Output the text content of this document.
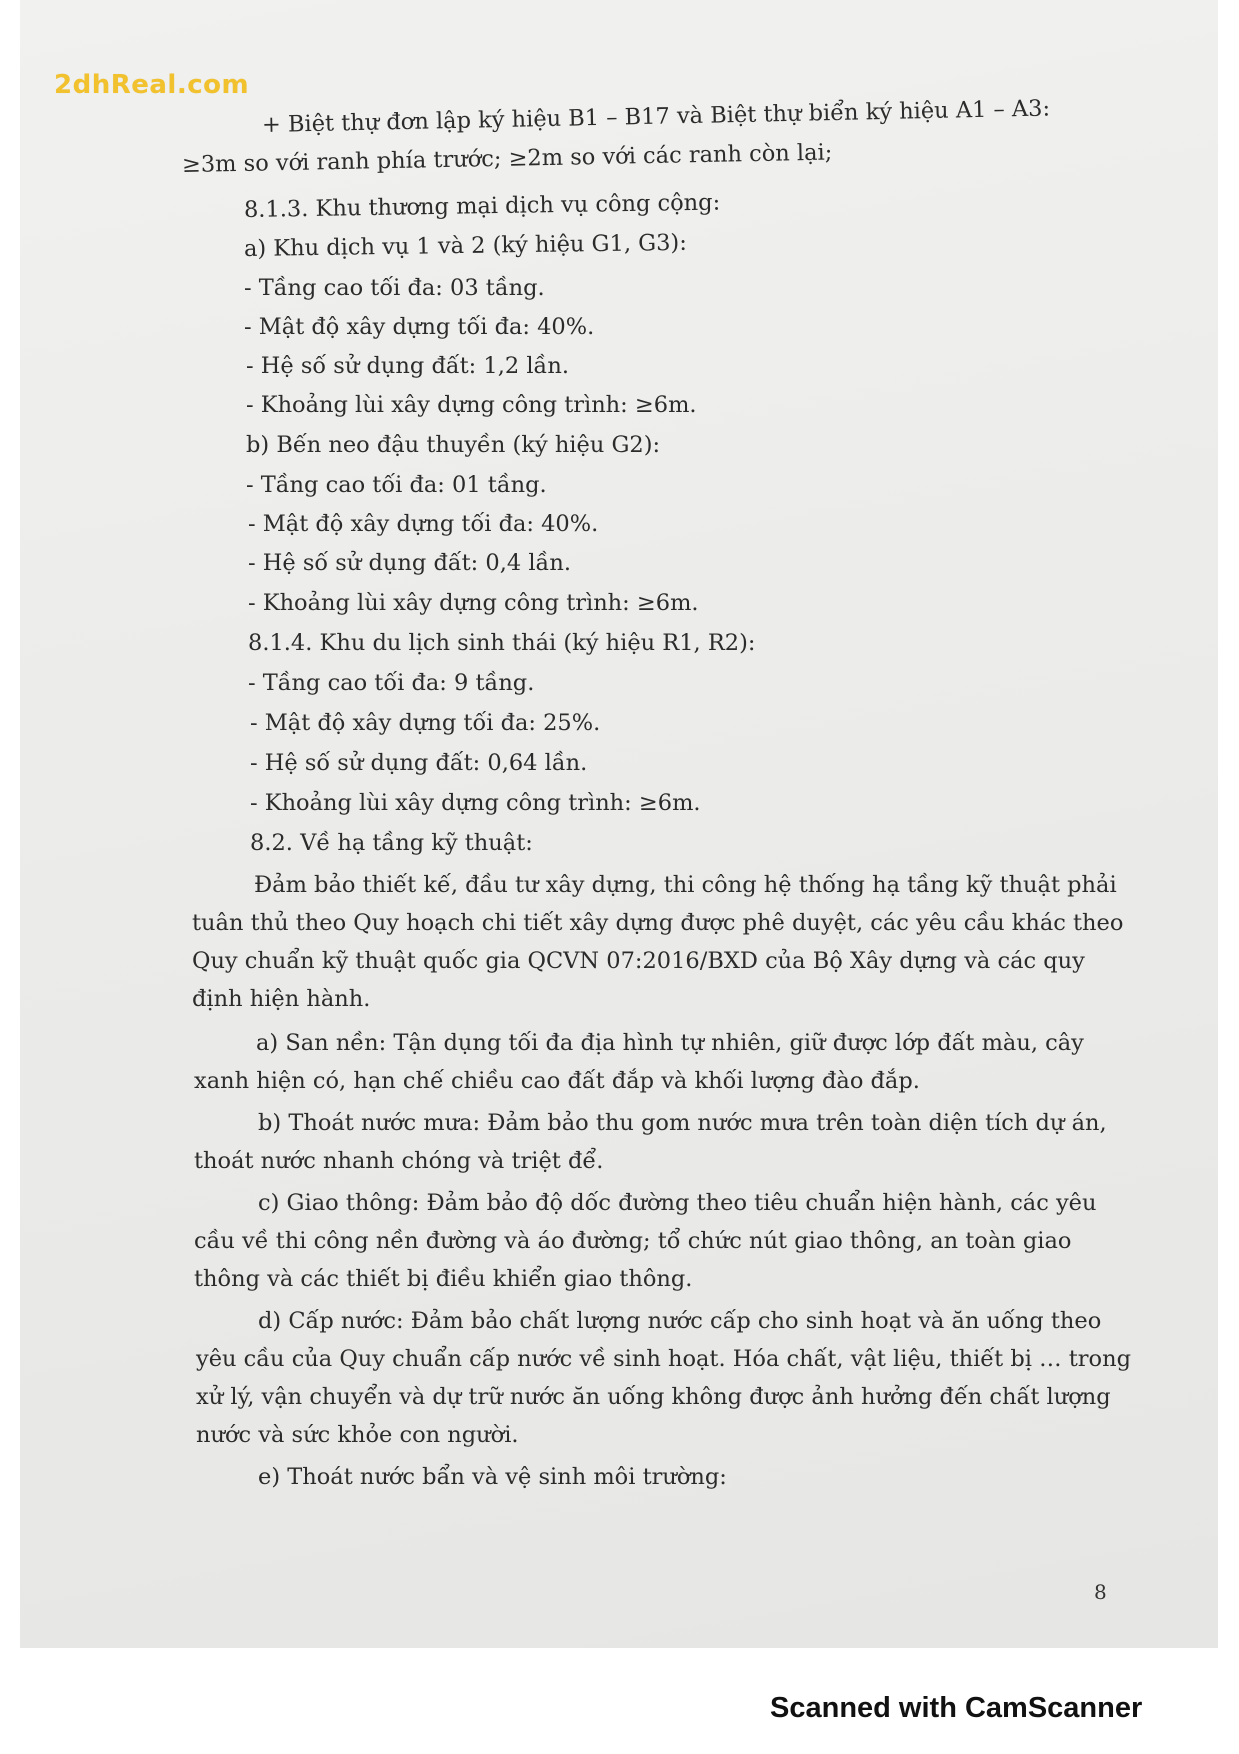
2dhReal.com
+ Biệt thự đơn lập ký hiệu B1 – B17 và Biệt thự biển ký hiệu A1 – A3:
≥3m so với ranh phía trước; ≥2m so với các ranh còn lại;
8.1.3. Khu thương mại dịch vụ công cộng:
a) Khu dịch vụ 1 và 2 (ký hiệu G1, G3):
- Tầng cao tối đa: 03 tầng.
- Mật độ xây dựng tối đa: 40%.
- Hệ số sử dụng đất: 1,2 lần.
- Khoảng lùi xây dựng công trình: ≥6m.
b) Bến neo đậu thuyền (ký hiệu G2):
- Tầng cao tối đa: 01 tầng.
- Mật độ xây dựng tối đa: 40%.
- Hệ số sử dụng đất: 0,4 lần.
- Khoảng lùi xây dựng công trình: ≥6m.
8.1.4. Khu du lịch sinh thái (ký hiệu R1, R2):
- Tầng cao tối đa: 9 tầng.
- Mật độ xây dựng tối đa: 25%.
- Hệ số sử dụng đất: 0,64 lần.
- Khoảng lùi xây dựng công trình: ≥6m.
8.2. Về hạ tầng kỹ thuật:
Đảm bảo thiết kế, đầu tư xây dựng, thi công hệ thống hạ tầng kỹ thuật phải
tuân thủ theo Quy hoạch chi tiết xây dựng được phê duyệt, các yêu cầu khác theo
Quy chuẩn kỹ thuật quốc gia QCVN 07:2016/BXD của Bộ Xây dựng và các quy
định hiện hành.
a) San nền: Tận dụng tối đa địa hình tự nhiên, giữ được lớp đất màu, cây
xanh hiện có, hạn chế chiều cao đất đắp và khối lượng đào đắp.
b) Thoát nước mưa: Đảm bảo thu gom nước mưa trên toàn diện tích dự án,
thoát nước nhanh chóng và triệt để.
c) Giao thông: Đảm bảo độ dốc đường theo tiêu chuẩn hiện hành, các yêu
cầu về thi công nền đường và áo đường; tổ chức nút giao thông, an toàn giao
thông và các thiết bị điều khiển giao thông.
d) Cấp nước: Đảm bảo chất lượng nước cấp cho sinh hoạt và ăn uống theo
yêu cầu của Quy chuẩn cấp nước về sinh hoạt. Hóa chất, vật liệu, thiết bị … trong
xử lý, vận chuyển và dự trữ nước ăn uống không được ảnh hưởng đến chất lượng
nước và sức khỏe con người.
e) Thoát nước bẩn và vệ sinh môi trường:
8
Scanned with CamScanner
